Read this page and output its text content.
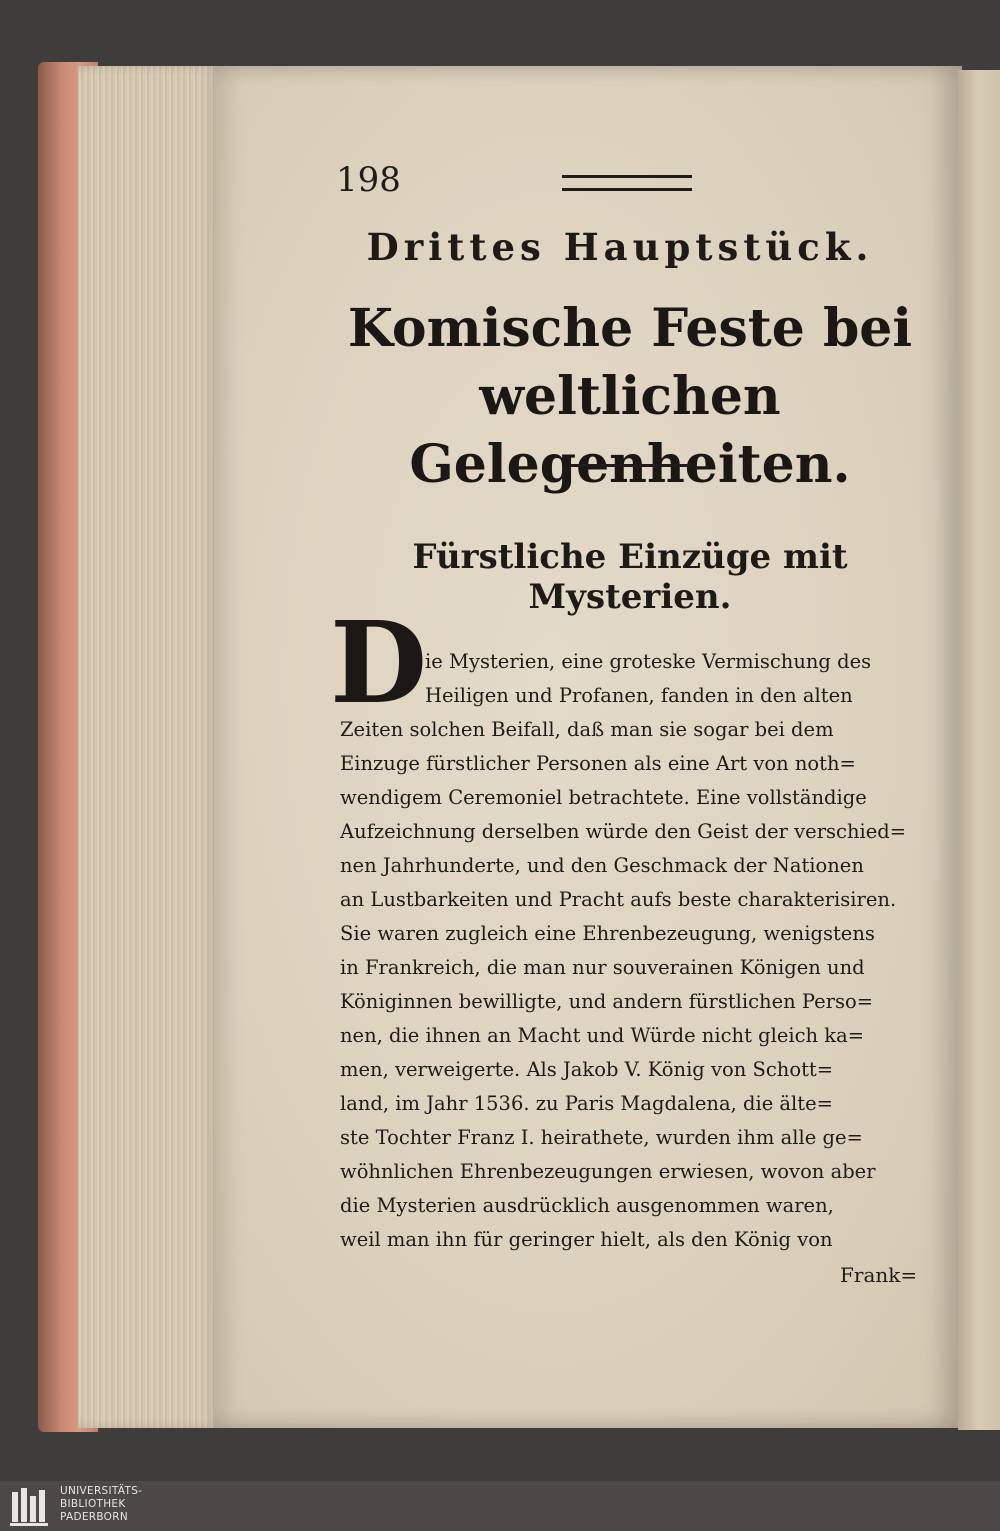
198
Drittes Hauptstück.
Komische Feste bei weltlichen
Gelegenheiten.
Fürstliche Einzüge mit Mysterien.
D
ie Mysterien, eine groteske Vermischung des
Heiligen und Profanen, fanden in den alten
Zeiten solchen Beifall, daß man sie sogar bei dem
Einzuge fürstlicher Personen als eine Art von noth=
wendigem Ceremoniel betrachtete. Eine vollständige
Aufzeichnung derselben würde den Geist der verschied=
nen Jahrhunderte, und den Geschmack der Nationen
an Lustbarkeiten und Pracht aufs beste charakterisiren.
Sie waren zugleich eine Ehrenbezeugung, wenigstens
in Frankreich, die man nur souverainen Königen und
Königinnen bewilligte, und andern fürstlichen Perso=
nen, die ihnen an Macht und Würde nicht gleich ka=
men, verweigerte. Als Jakob V. König von Schott=
land, im Jahr 1536. zu Paris Magdalena, die älte=
ste Tochter Franz I. heirathete, wurden ihm alle ge=
wöhnlichen Ehrenbezeugungen erwiesen, wovon aber
die Mysterien ausdrücklich ausgenommen waren,
weil man ihn für geringer hielt, als den König von
Frank=
UNIVERSITÄTS-
BIBLIOTHEK
PADERBORN
